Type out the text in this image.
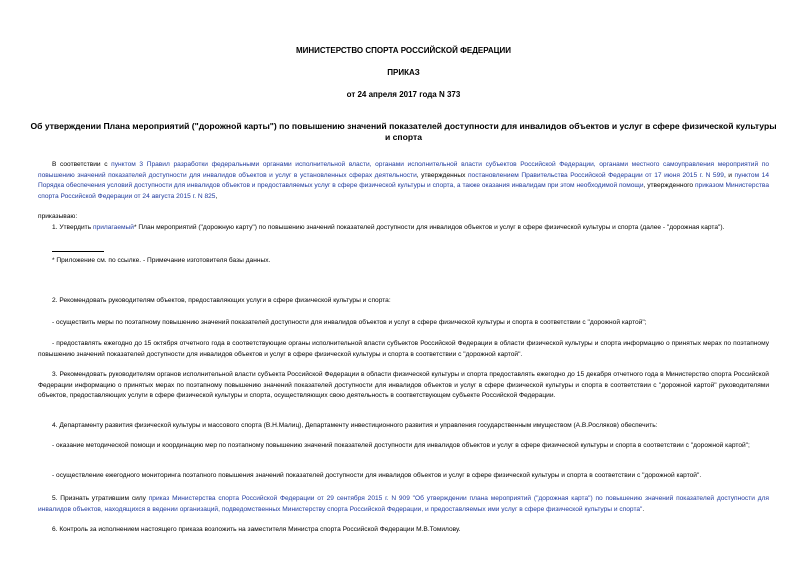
МИНИСТЕРСТВО СПОРТА РОССИЙСКОЙ ФЕДЕРАЦИИ
ПРИКАЗ
от 24 апреля 2017 года N 373
Об утверждении Плана мероприятий ("дорожной карты") по повышению значений показателей доступности для инвалидов объектов и услуг в сфере физической культуры и спорта

В соответствии с пунктом 3 Правил разработки федеральными органами исполнительной власти, органами исполнительной власти субъектов Российской Федерации, органами местного самоуправления мероприятий по повышению значений показателей доступности для инвалидов объектов и услуг в установленных сферах деятельности, утвержденных постановлением Правительства Российской Федерации от 17 июня 2015 г. N 599, и пунктом 14 Порядка обеспечения условий доступности для инвалидов объектов и предоставляемых услуг в сфере физической культуры и спорта, а также оказания инвалидам при этом необходимой помощи, утвержденного приказом Министерства спорта Российской Федерации от 24 августа 2015 г. N 825,

приказываю:

1. Утвердить прилагаемый* План мероприятий ("дорожную карту") по повышению значений показателей доступности для инвалидов объектов и услуг в сфере физической культуры и спорта (далее - "дорожная карта").

* Приложение см. по ссылке. - Примечание изготовителя базы данных.

2. Рекомендовать руководителям объектов, предоставляющих услуги в сфере физической культуры и спорта:

- осуществить меры по поэтапному повышению значений показателей доступности для инвалидов объектов и услуг в сфере физической культуры и спорта в соответствии с "дорожной картой";

- предоставлять ежегодно до 15 октября отчетного года в соответствующие органы исполнительной власти субъектов Российской Федерации в области физической культуры и спорта информацию о принятых мерах по поэтапному повышению значений показателей доступности для инвалидов объектов и услуг в сфере физической культуры и спорта в соответствии с "дорожной картой".

3. Рекомендовать руководителям органов исполнительной власти субъекта Российской Федерации в области физической культуры и спорта предоставлять ежегодно до 15 декабря отчетного года в Министерство спорта Российской Федерации информацию о принятых мерах по поэтапному повышению значений показателей доступности для инвалидов объектов и услуг в сфере физической культуры и спорта в соответствии с "дорожной картой" руководителями объектов, предоставляющих услуги в сфере физической культуры и спорта, осуществляющих свою деятельность в соответствующем субъекте Российской Федерации.

4. Департаменту развития физической культуры и массового спорта (В.Н.Малиц), Департаменту инвестиционного развития и управления государственным имуществом (А.В.Росляков) обеспечить:

- оказание методической помощи и координацию мер по поэтапному повышению значений показателей доступности для инвалидов объектов и услуг в сфере физической культуры и спорта в соответствии с "дорожной картой";

- осуществление ежегодного мониторинга поэтапного повышения значений показателей доступности для инвалидов объектов и услуг в сфере физической культуры и спорта в соответствии с "дорожной картой".

5. Признать утратившим силу приказ Министерства спорта Российской Федерации от 29 сентября 2015 г. N 909 "Об утверждении плана мероприятий ("дорожная карта") по повышению значений показателей доступности для инвалидов объектов, находящихся в ведении организаций, подведомственных Министерству спорта Российской Федерации, и предоставляемых ими услуг в сфере физической культуры и спорта".

6. Контроль за исполнением настоящего приказа возложить на заместителя Министра спорта Российской Федерации М.В.Томилову.
